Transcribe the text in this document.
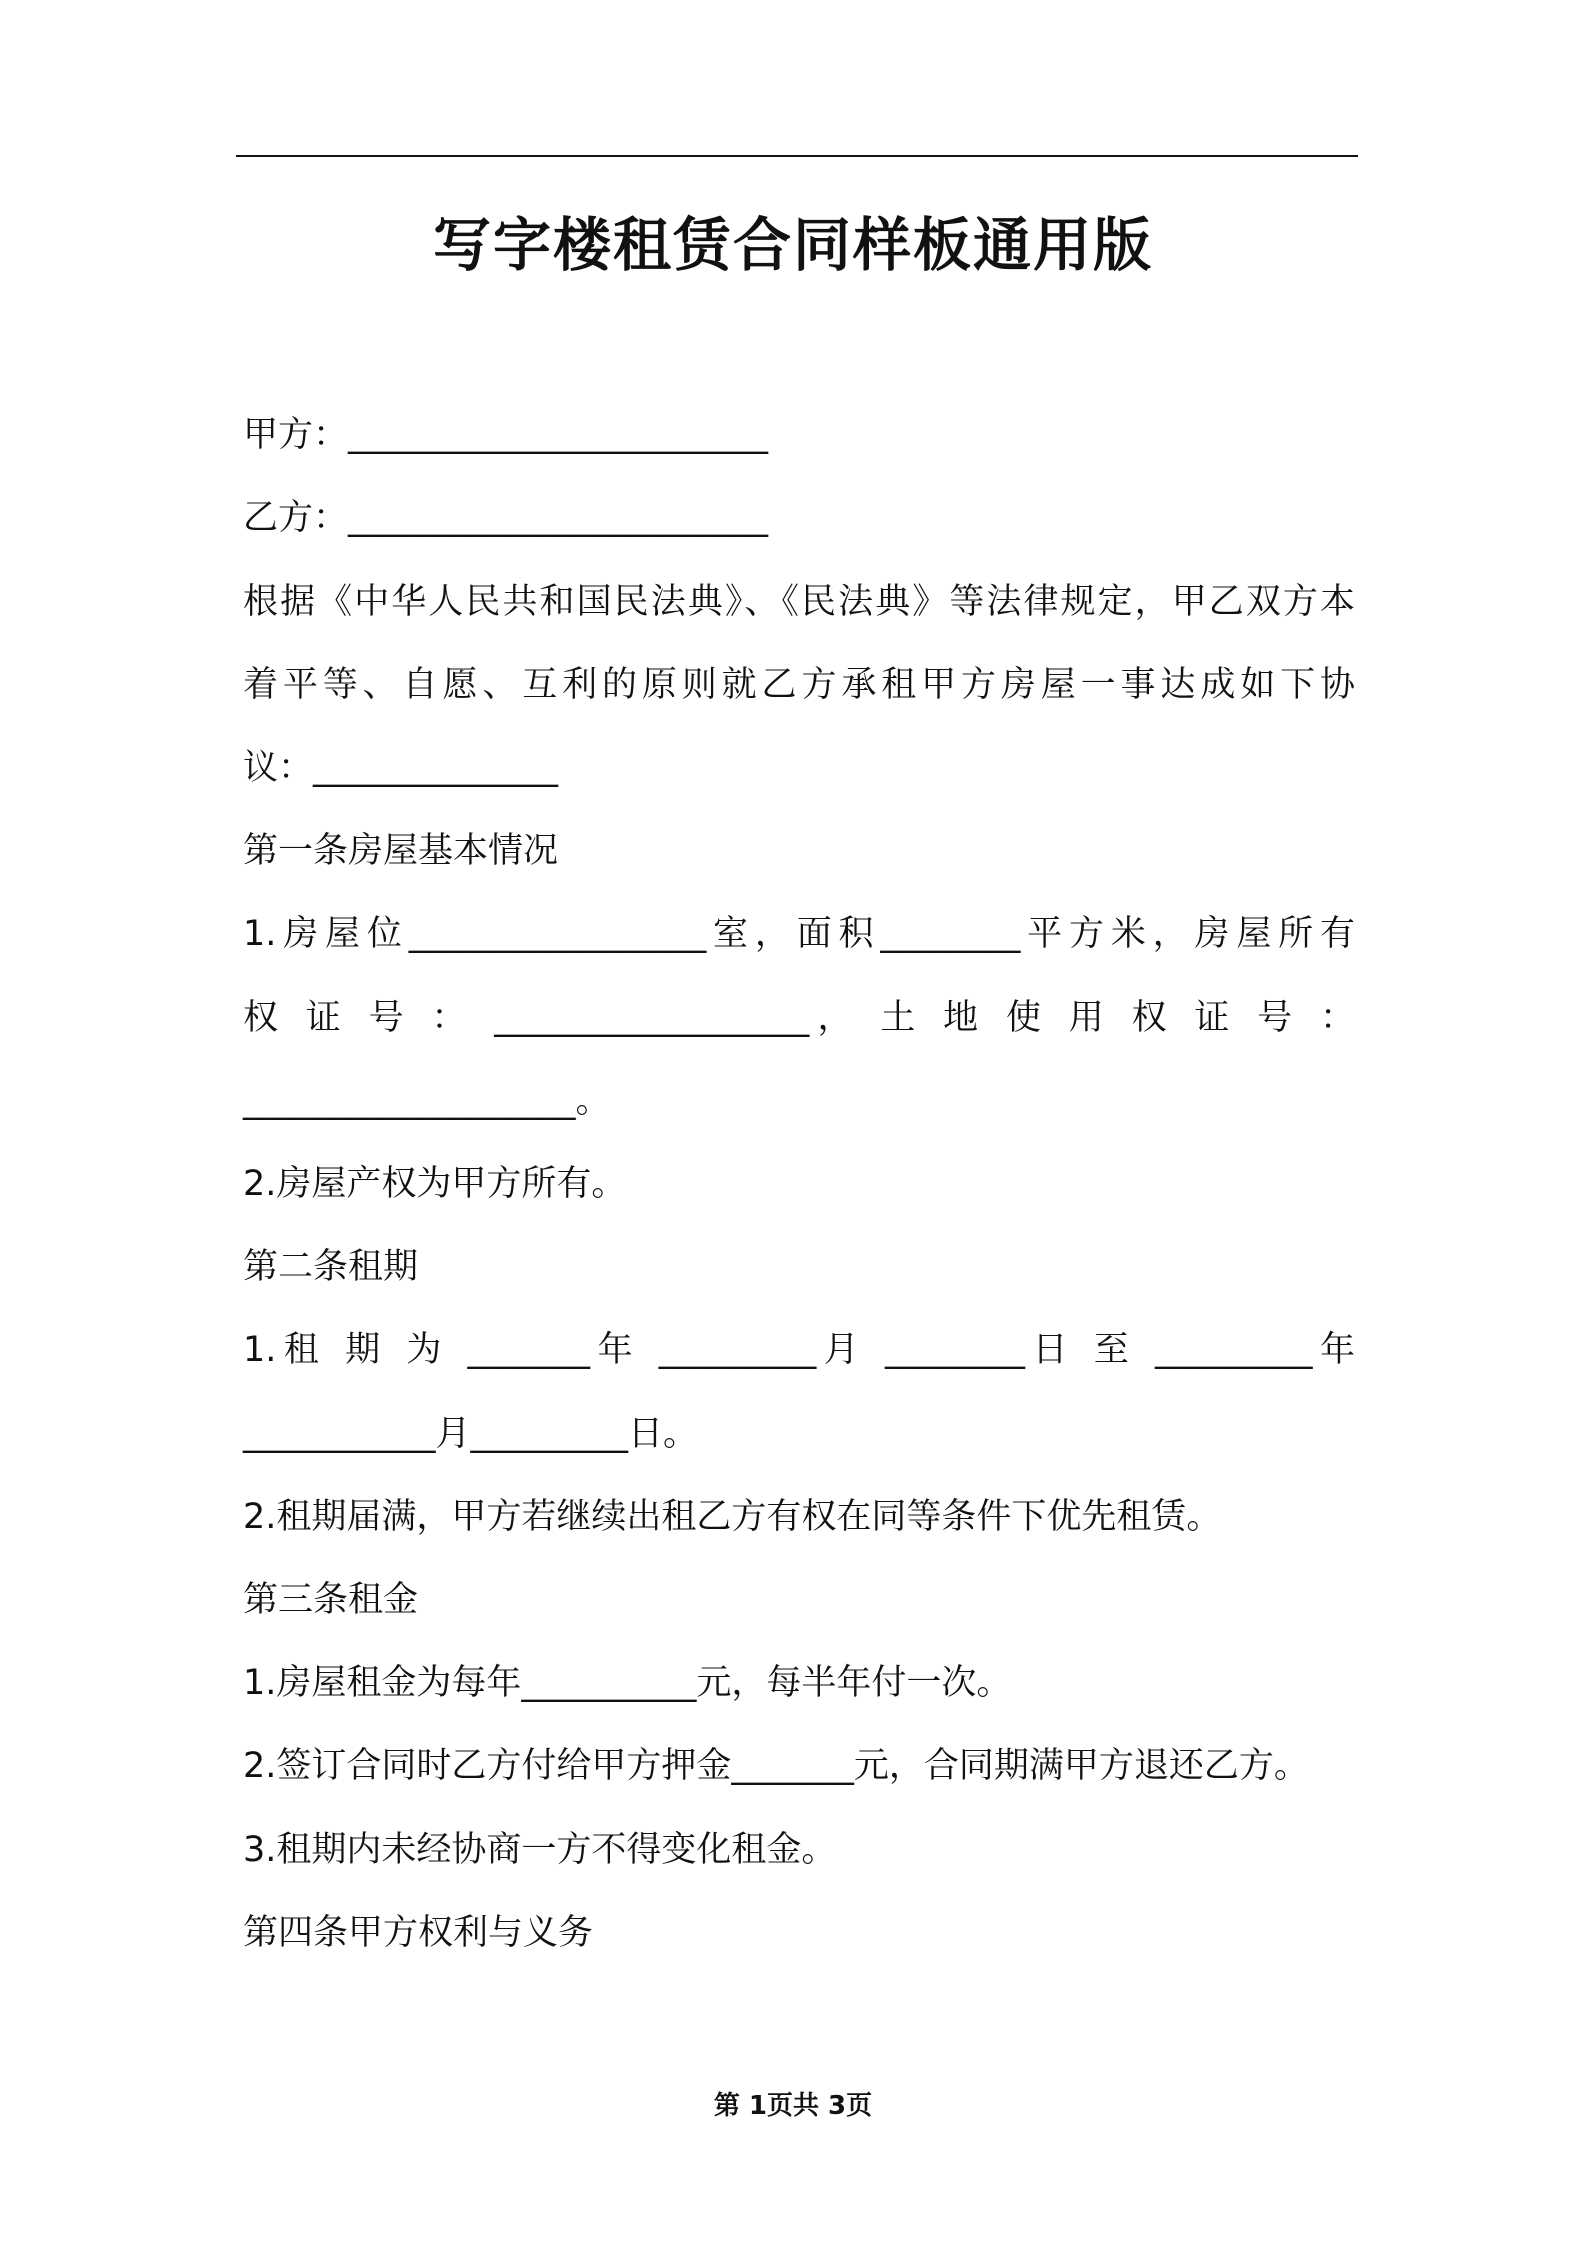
写字楼租赁合同样板通用版
甲方：________________________
乙方：________________________
根据《中华人民共和国民法典》、《民法典》等法律规定，甲乙双方本
着平等、自愿、互利的原则就乙方承租甲方房屋一事达成如下协
议：______________
第一条房屋基本情况
1.房屋位_________________室，面积________平方米，房屋所有
权 证 号 ： __________________， 土 地 使 用 权 证 号 ：
___________________。
2.房屋产权为甲方所有。
第二条租期
1.租 期 为 _______年 _________月 ________日 至 _________年
___________月_________日。
2.租期届满，甲方若继续出租乙方有权在同等条件下优先租赁。
第三条租金
1.房屋租金为每年__________元，每半年付一次。
2.签订合同时乙方付给甲方押金_______元，合同期满甲方退还乙方。
3.租期内未经协商一方不得变化租金。
第四条甲方权利与义务
第 1页共 3页
